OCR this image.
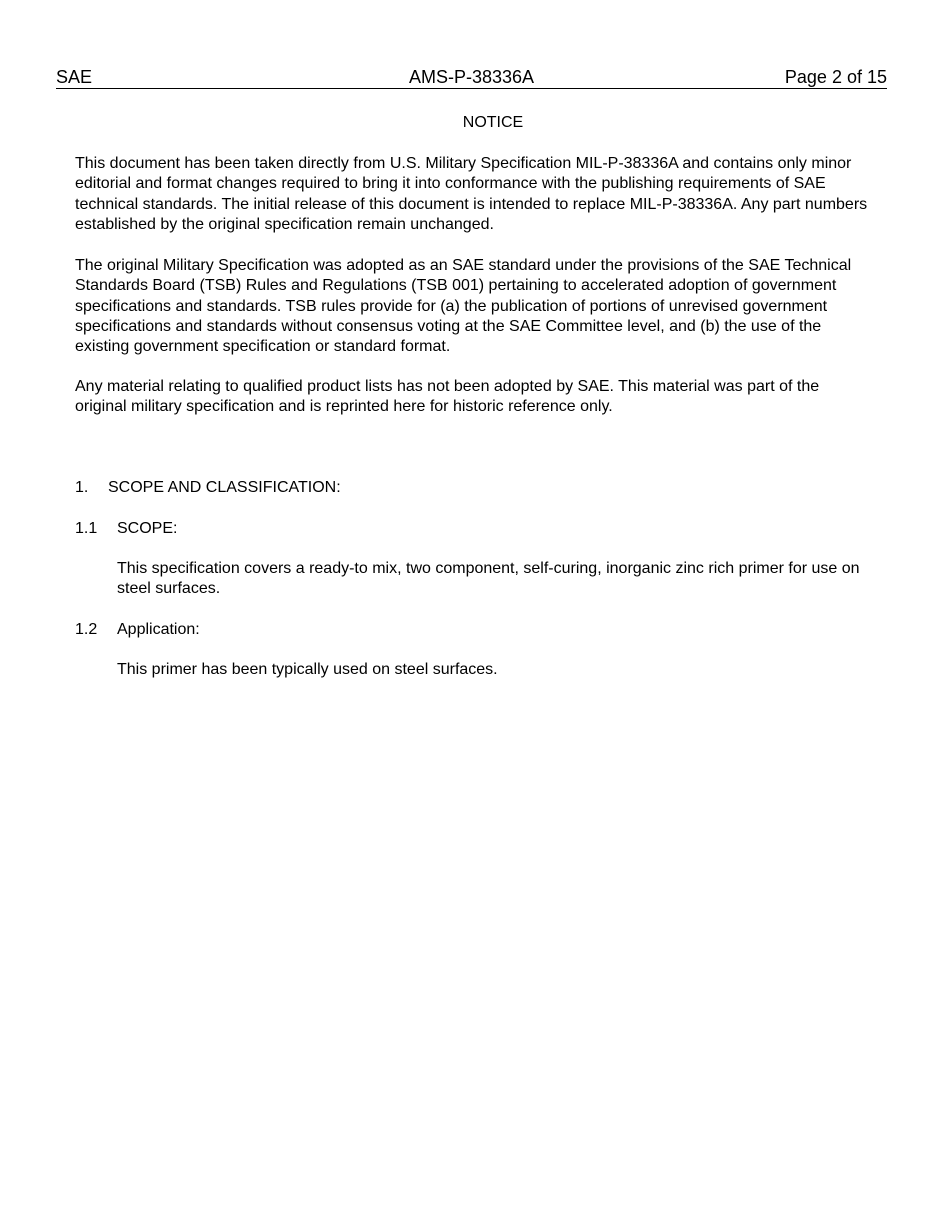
SAE	AMS-P-38336A	Page 2 of 15
NOTICE

This document has been taken directly from U.S. Military Specification MIL-P-38336A and contains only minor editorial and format changes required to bring it into conformance with the publishing requirements of SAE technical standards. The initial release of this document is intended to replace MIL-P-38336A. Any part numbers established by the original specification remain unchanged.

The original Military Specification was adopted as an SAE standard under the provisions of the SAE Technical Standards Board (TSB) Rules and Regulations (TSB 001) pertaining to accelerated adoption of government specifications and standards. TSB rules provide for (a) the publication of portions of unrevised government specifications and standards without consensus voting at the SAE Committee level, and (b) the use of the existing government specification or standard format.

Any material relating to qualified product lists has not been adopted by SAE. This material was part of the original military specification and is reprinted here for historic reference only.

1. SCOPE AND CLASSIFICATION:
1.1 SCOPE:

This specification covers a ready-to mix, two component, self-curing, inorganic zinc rich primer for use on steel surfaces.

1.2 Application:

This primer has been typically used on steel surfaces.
